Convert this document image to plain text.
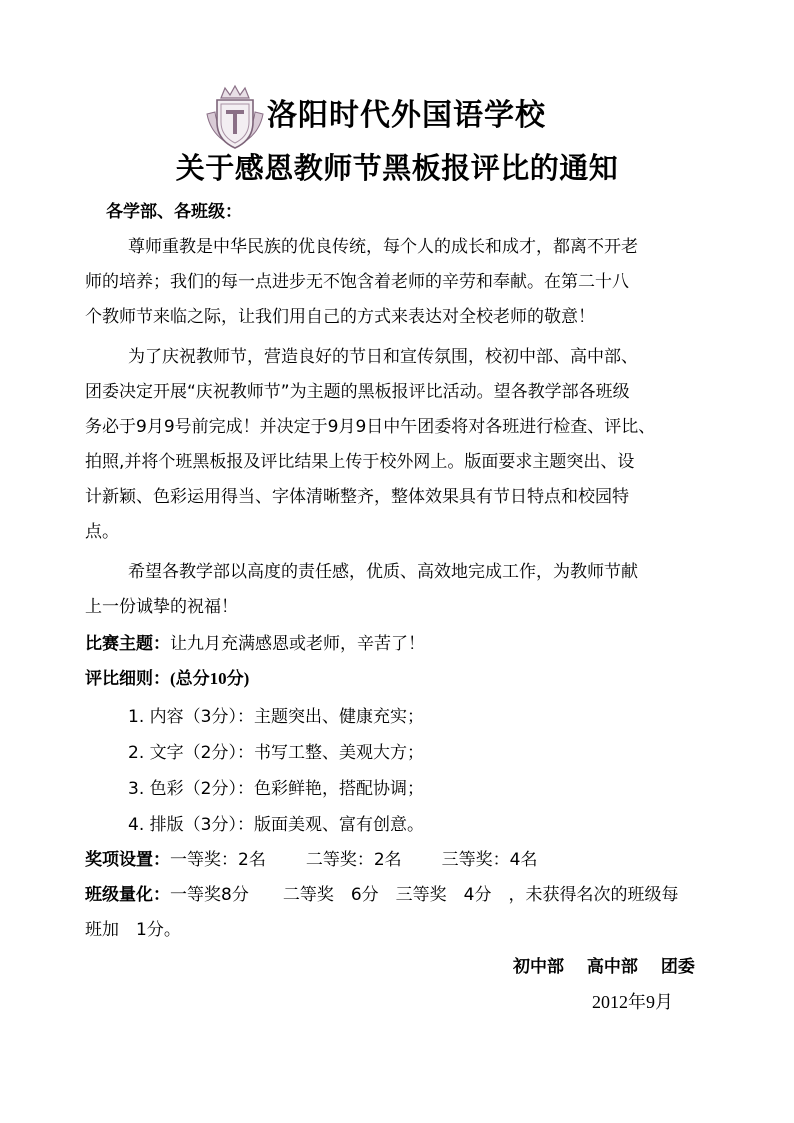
洛阳时代外国语学校
关于感恩教师节黑板报评比的通知
各学部、各班级：
尊师重教是中华民族的优良传统，每个人的成长和成才，都离不开老
师的培养；我们的每一点进步无不饱含着老师的辛劳和奉献。在第二十八
个教师节来临之际，让我们用自己的方式来表达对全校老师的敬意！
为了庆祝教师节，营造良好的节日和宣传氛围，校初中部、高中部、
团委决定开展“庆祝教师节”为主题的黑板报评比活动。望各教学部各班级
务必于9月9号前完成！并决定于9月9日中午团委将对各班进行检查、评比、
拍照,并将个班黑板报及评比结果上传于校外网上。版面要求主题突出、设
计新颖、色彩运用得当、字体清晰整齐，整体效果具有节日特点和校园特
点。
希望各教学部以高度的责任感，优质、高效地完成工作，为教师节献
上一份诚挚的祝福！
比赛主题：让九月充满感恩或老师，辛苦了！
评比细则：(总分10分)
1. 内容（3分）：主题突出、健康充实；
2. 文字（2分）：书写工整、美观大方；
3. 色彩（2分）：色彩鲜艳，搭配协调；
4. 排版（3分）：版面美观、富有创意。
奖项设置：一等奖：2名 二等奖：2名 三等奖：4名
班级量化：一等奖8分　　二等奖　6分　三等奖　4分　，未获得名次的班级每
班加　1分。
初中部　 高中部　 团委
2012年9月
